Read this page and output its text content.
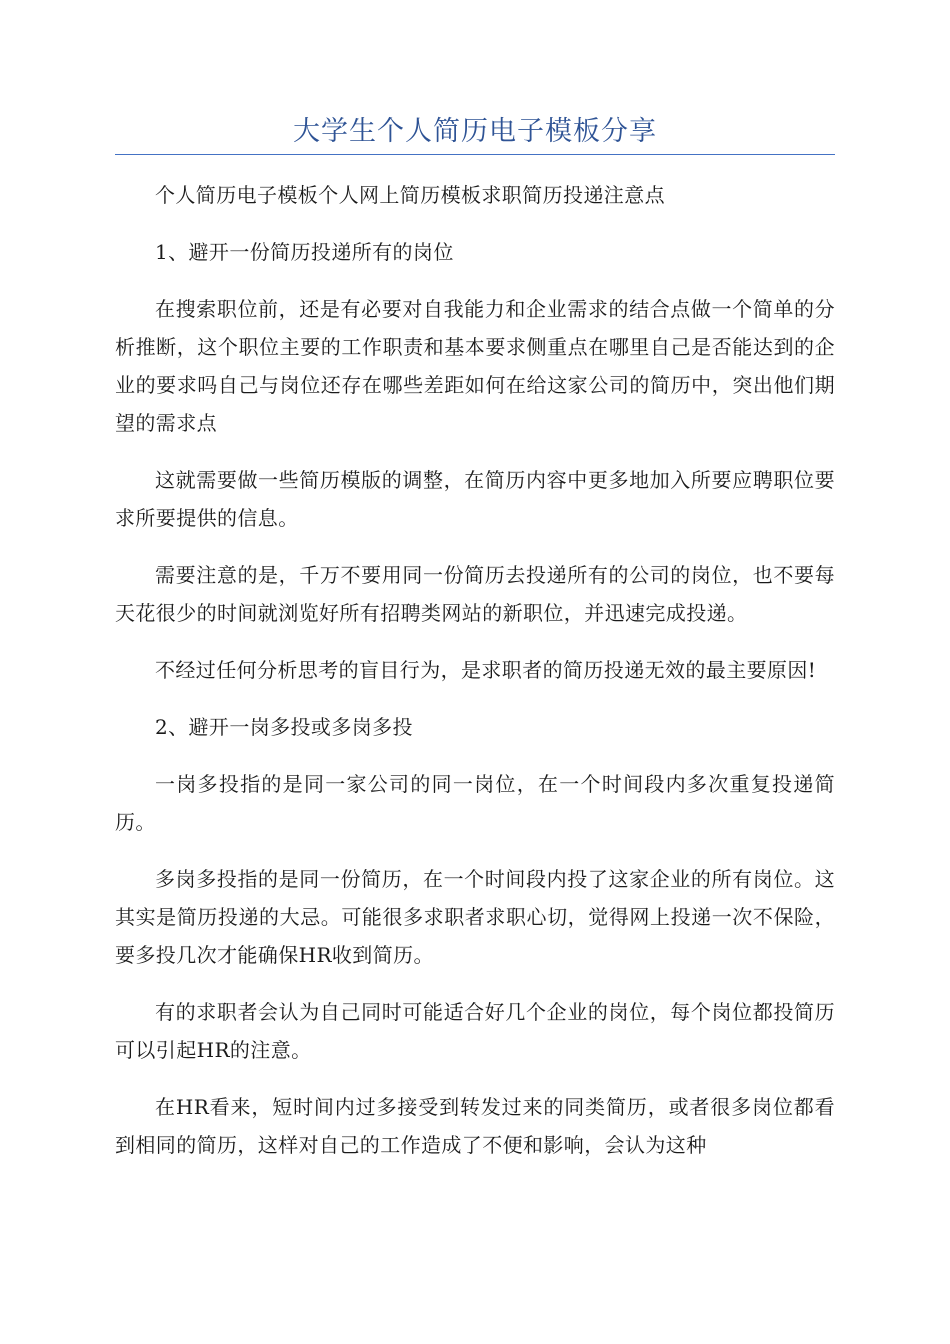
大学生个人简历电子模板分享

个人简历电子模板个人网上简历模板求职简历投递注意点

1、避开一份简历投递所有的岗位

在搜索职位前，还是有必要对自我能力和企业需求的结合点做一个简单的分析推断，这个职位主要的工作职责和基本要求侧重点在哪里自己是否能达到的企业的要求吗自己与岗位还存在哪些差距如何在给这家公司的简历中，突出他们期望的需求点

这就需要做一些简历模版的调整，在简历内容中更多地加入所要应聘职位要求所要提供的信息。

需要注意的是，千万不要用同一份简历去投递所有的公司的岗位，也不要每天花很少的时间就浏览好所有招聘类网站的新职位，并迅速完成投递。

不经过任何分析思考的盲目行为，是求职者的简历投递无效的最主要原因!

2、避开一岗多投或多岗多投

一岗多投指的是同一家公司的同一岗位，在一个时间段内多次重复投递简历。

多岗多投指的是同一份简历，在一个时间段内投了这家企业的所有岗位。这其实是简历投递的大忌。可能很多求职者求职心切，觉得网上投递一次不保险，要多投几次才能确保HR收到简历。

有的求职者会认为自己同时可能适合好几个企业的岗位，每个岗位都投简历可以引起HR的注意。

在HR看来，短时间内过多接受到转发过来的同类简历，或者很多岗位都看到相同的简历，这样对自己的工作造成了不便和影响，会认为这种
